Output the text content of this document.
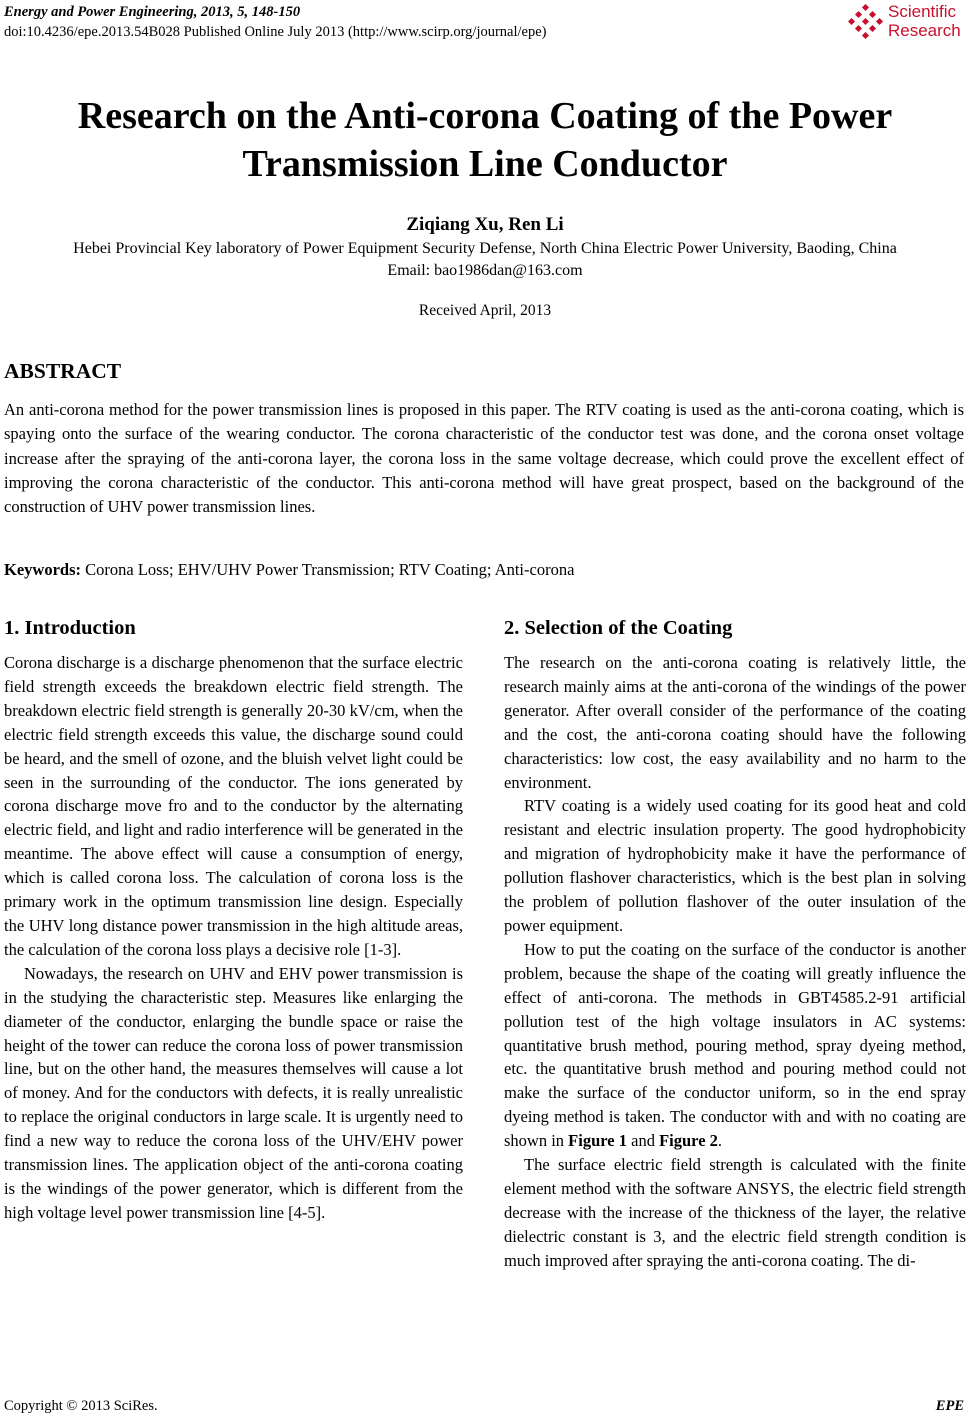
Energy and Power Engineering, 2013, 5, 148-150
doi:10.4236/epe.2013.54B028 Published Online July 2013 (http://www.scirp.org/journal/epe)
Scientific
Research
Research on the Anti-corona Coating of the Power
Transmission Line Conductor
Ziqiang Xu, Ren Li
Hebei Provincial Key laboratory of Power Equipment Security Defense, North China Electric Power University, Baoding, China
Email: bao1986dan@163.com
Received April, 2013
ABSTRACT

An anti-corona method for the power transmission lines is proposed in this paper. The RTV coating is used as the anti-corona coating, which is spaying onto the surface of the wearing conductor. The corona characteristic of the conductor test was done, and the corona onset voltage increase after the spraying of the anti-corona layer, the corona loss in the same voltage decrease, which could prove the excellent effect of improving the corona characteristic of the conductor. This anti-corona method will have great prospect, based on the background of the construction of UHV power transmission lines.

Keywords: Corona Loss; EHV/UHV Power Transmission; RTV Coating; Anti-corona
1. Introduction	2. Selection of the Coating

Corona discharge is a discharge phenomenon that the surface electric field strength exceeds the breakdown electric field strength. The breakdown electric field strength is generally 20-30 kV/cm, when the electric field strength exceeds this value, the discharge sound could be heard, and the smell of ozone, and the bluish velvet light could be seen in the surrounding of the conductor. The ions generated by corona discharge move fro and to the conductor by the alternating electric field, and light and radio interference will be generated in the meantime. The above effect will cause a consumption of energy, which is called corona loss. The calculation of corona loss is the primary work in the optimum transmission line design. Especially the UHV long distance power transmission in the high altitude areas, the calculation of the corona loss plays a decisive role [1-3].

Nowadays, the research on UHV and EHV power transmission is in the studying the characteristic step. Measures like enlarging the diameter of the conductor, enlarging the bundle space or raise the height of the tower can reduce the corona loss of power transmission line, but on the other hand, the measures themselves will cause a lot of money. And for the conductors with defects, it is really unrealistic to replace the original conductors in large scale. It is urgently need to find a new way to reduce the corona loss of the UHV/EHV power transmission lines. The application object of the anti-corona coating is the windings of the power generator, which is different from the high voltage level power transmission line [4-5].

The research on the anti-corona coating is relatively little, the research mainly aims at the anti-corona of the windings of the power generator. After overall consider of the performance of the coating and the cost, the anti-corona coating should have the following characteristics: low cost, the easy availability and no harm to the environment.

RTV coating is a widely used coating for its good heat and cold resistant and electric insulation property. The good hydrophobicity and migration of hydrophobicity make it have the performance of pollution flashover characteristics, which is the best plan in solving the problem of pollution flashover of the outer insulation of the power equipment.

How to put the coating on the surface of the conductor is another problem, because the shape of the coating will greatly influence the effect of anti-corona. The methods in GBT4585.2-91 artificial pollution test of the high voltage insulators in AC systems: quantitative brush method, pouring method, spray dyeing method, etc. the quantitative brush method and pouring method could not make the surface of the conductor uniform, so in the end spray dyeing method is taken. The conductor with and with no coating are shown in Figure 1 and Figure 2.

The surface electric field strength is calculated with the finite element method with the software ANSYS, the electric field strength decrease with the increase of the thickness of the layer, the relative dielectric constant is 3, and the electric field strength condition is much improved after spraying the anti-corona coating. The di-

Copyright © 2013 SciRes.	EPE
